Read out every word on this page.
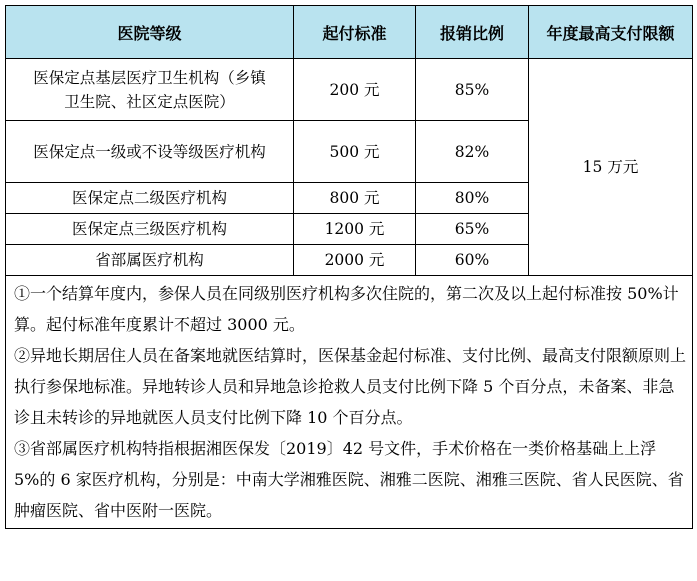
医院等级	起付标准	报销比例	年度最高支付限额
医保定点基层医疗卫生机构（乡镇卫生院、社区定点医院）	200 元	85%	15 万元
医保定点一级或不设等级医疗机构	500 元	82%	
医保定点二级医疗机构	800 元	80%	
医保定点三级医疗机构	1200 元	65%	
省部属医疗机构	2000 元	60%	

①一个结算年度内，参保人员在同级别医疗机构多次住院的，第二次及以上起付标准按 50%计算。起付标准年度累计不超过 3000 元。
②异地长期居住人员在备案地就医结算时，医保基金起付标准、支付比例、最高支付限额原则上执行参保地标准。异地转诊人员和异地急诊抢救人员支付比例下降 5 个百分点，未备案、非急诊且未转诊的异地就医人员支付比例下降 10 个百分点。
③省部属医疗机构特指根据湘医保发〔2019〕42 号文件，手术价格在一类价格基础上上浮 5%的 6 家医疗机构，分别是：中南大学湘雅医院、湘雅二医院、湘雅三医院、省人民医院、省肿瘤医院、省中医附一医院。			
